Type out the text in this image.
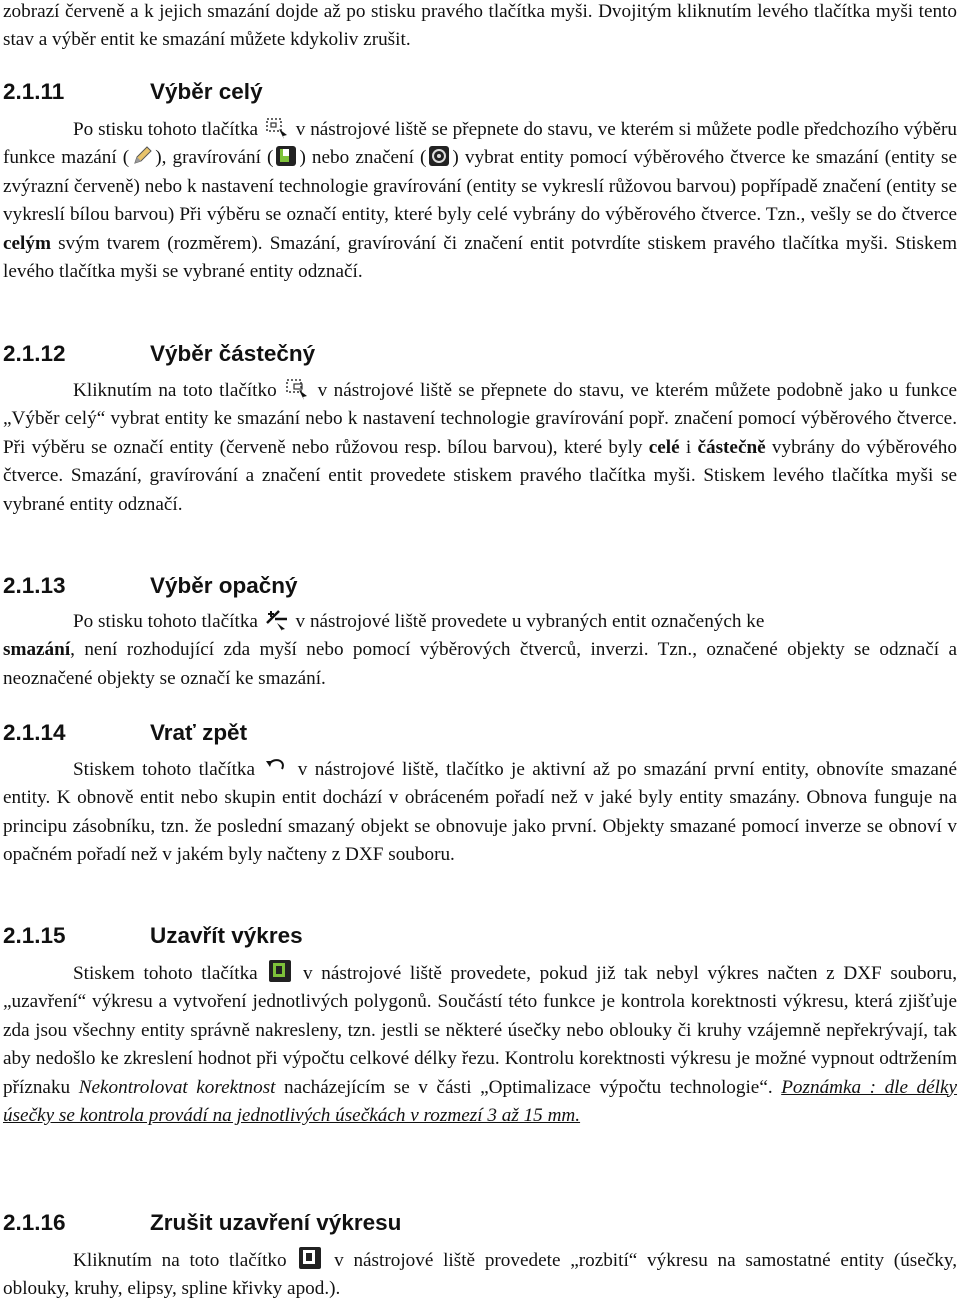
zobrazí červeně a k jejich smazání dojde až po stisku pravého tlačítka myši. Dvojitým kliknutím levého tlačítka myši tento stav a výběr entit ke smazání můžete kdykoliv zrušit.

2.1.11	Výběr celý

Po stisku tohoto tlačítka v nástrojové liště se přepnete do stavu, ve kterém si můžete podle předchozího výběru funkce mazání ( ), gravírování ( ) nebo značení ( ) vybrat entity pomocí výběrového čtverce ke smazání (entity se zvýrazní červeně) nebo k nastavení technologie gravírování (entity se vykreslí růžovou barvou) popřípadě značení (entity se vykreslí bílou barvou) Při výběru se označí entity, které byly celé vybrány do výběrového čtverce. Tzn., vešly se do čtverce celým svým tvarem (rozměrem). Smazání, gravírování či značení entit potvrdíte stiskem pravého tlačítka myši. Stiskem levého tlačítka myši se vybrané entity odznačí.

2.1.12	Výběr částečný

Kliknutím na toto tlačítko v nástrojové liště se přepnete do stavu, ve kterém můžete podobně jako u funkce „Výběr celý“ vybrat entity ke smazání nebo k nastavení technologie gravírování popř. značení pomocí výběrového čtverce. Při výběru se označí entity (červeně nebo růžovou resp. bílou barvou), které byly celé i částečně vybrány do výběrového čtverce. Smazání, gravírování a značení entit provedete stiskem pravého tlačítka myši. Stiskem levého tlačítka myši se vybrané entity odznačí.

2.1.13	Výběr opačný

Po stisku tohoto tlačítka v nástrojové liště provedete u vybraných entit označených ke
smazání, není rozhodující zda myší nebo pomocí výběrových čtverců, inverzi. Tzn., označené objekty se odznačí a neoznačené objekty se označí ke smazání.

2.1.14	Vrať zpět

Stiskem tohoto tlačítka v nástrojové liště, tlačítko je aktivní až po smazání první entity, obnovíte smazané entity. K obnově entit nebo skupin entit dochází v obráceném pořadí než v jaké byly entity smazány. Obnova funguje na principu zásobníku, tzn. že poslední smazaný objekt se obnovuje jako první. Objekty smazané pomocí inverze se obnoví v opačném pořadí než v jakém byly načteny z DXF souboru.

2.1.15	Uzavřít výkres

Stiskem tohoto tlačítka v nástrojové liště provedete, pokud již tak nebyl výkres načten z DXF souboru, „uzavření“ výkresu a vytvoření jednotlivých polygonů. Součástí této funkce je kontrola korektnosti výkresu, která zjišťuje zda jsou všechny entity správně nakresleny, tzn. jestli se některé úsečky nebo oblouky či kruhy vzájemně nepřekrývají, tak aby nedošlo ke zkreslení hodnot při výpočtu celkové délky řezu. Kontrolu korektnosti výkresu je možné vypnout odtržením příznaku Nekontrolovat korektnost nacházejícím se v části „Optimalizace výpočtu technologie“. Poznámka : dle délky úsečky se kontrola provádí na jednotlivých úsečkách v rozmezí 3 až 15 mm.

2.1.16	Zrušit uzavření výkresu

Kliknutím na toto tlačítko v nástrojové liště provedete „rozbití“ výkresu na samostatné entity (úsečky, oblouky, kruhy, elipsy, spline křivky apod.).
